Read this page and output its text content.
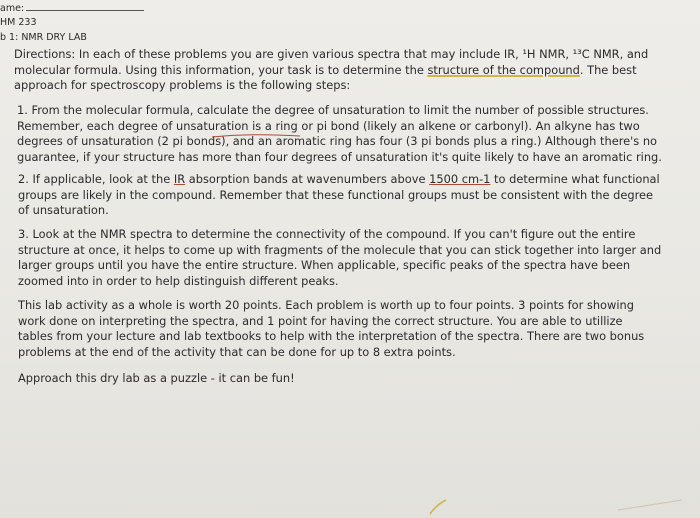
ame:
HM 233
b 1: NMR DRY LAB

Directions: In each of these problems you are given various spectra that may include IR, ¹H NMR, ¹³C NMR, and
molecular formula. Using this information, your task is to determine the structure of the compound. The best
approach for spectroscopy problems is the following steps:

1. From the molecular formula, calculate the degree of unsaturation to limit the number of possible structures.
Remember, each degree of unsaturation is a ring or pi bond (likely an alkene or carbonyl). An alkyne has two
degrees of unsaturation (2 pi bonds), and an aromatic ring has four (3 pi bonds plus a ring.) Although there's no
guarantee, if your structure has more than four degrees of unsaturation it's quite likely to have an aromatic ring.

2. If applicable, look at the IR absorption bands at wavenumbers above 1500 cm-1 to determine what functional
groups are likely in the compound. Remember that these functional groups must be consistent with the degree
of unsaturation.

3. Look at the NMR spectra to determine the connectivity of the compound. If you can't figure out the entire
structure at once, it helps to come up with fragments of the molecule that you can stick together into larger and
larger groups until you have the entire structure. When applicable, specific peaks of the spectra have been
zoomed into in order to help distinguish different peaks.

This lab activity as a whole is worth 20 points. Each problem is worth up to four points. 3 points for showing
work done on interpreting the spectra, and 1 point for having the correct structure. You are able to utillize
tables from your lecture and lab textbooks to help with the interpretation of the spectra. There are two bonus
problems at the end of the activity that can be done for up to 8 extra points.

Approach this dry lab as a puzzle - it can be fun!
